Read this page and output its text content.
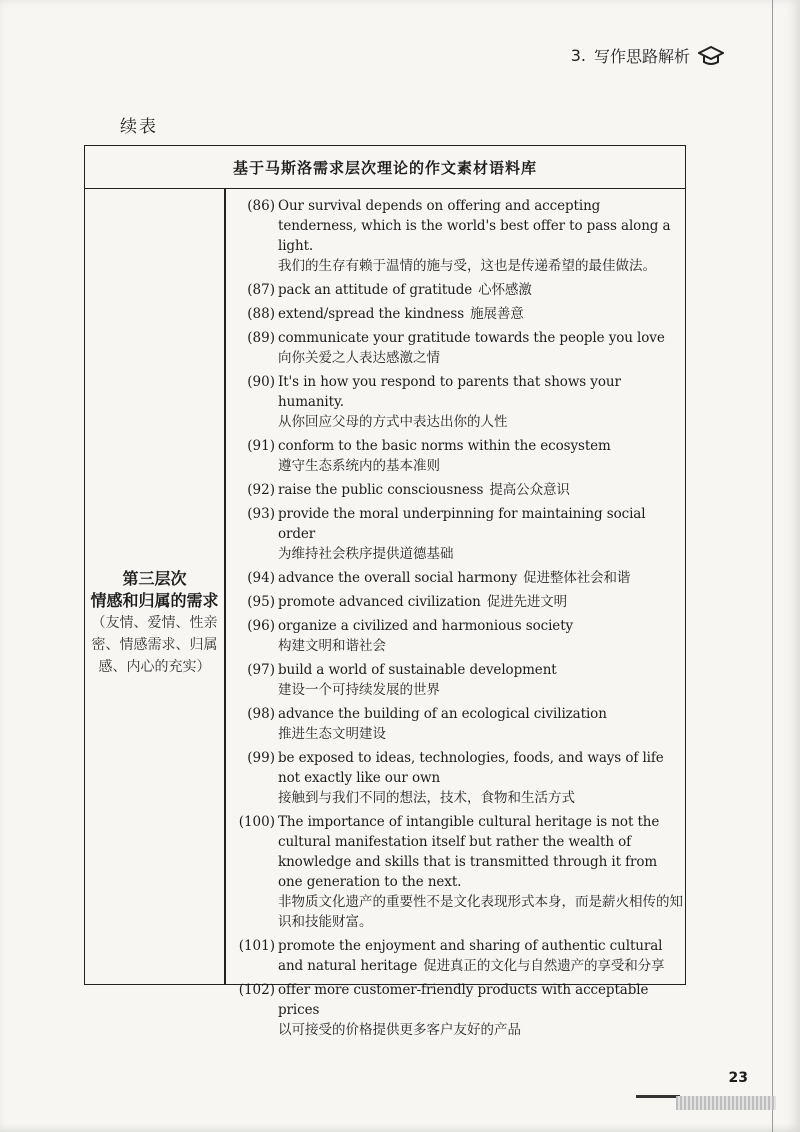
3. 写作思路解析
续表
基于马斯洛需求层次理论的作文素材语料库
第三层次
情感和归属的需求
（友情、爱情、性亲密、情感需求、归属感、内心的充实）
(86) Our survival depends on offering and accepting tenderness, which is the world's best offer to pass along a light.
我们的生存有赖于温情的施与受，这也是传递希望的最佳做法。
(87) pack an attitude of gratitude 心怀感激
(88) extend/spread the kindness 施展善意
(89) communicate your gratitude towards the people you love
向你关爱之人表达感激之情
(90) It's in how you respond to parents that shows your humanity.
从你回应父母的方式中表达出你的人性
(91) conform to the basic norms within the ecosystem
遵守生态系统内的基本准则
(92) raise the public consciousness 提高公众意识
(93) provide the moral underpinning for maintaining social order
为维持社会秩序提供道德基础
(94) advance the overall social harmony 促进整体社会和谐
(95) promote advanced civilization 促进先进文明
(96) organize a civilized and harmonious society
构建文明和谐社会
(97) build a world of sustainable development
建设一个可持续发展的世界
(98) advance the building of an ecological civilization
推进生态文明建设
(99) be exposed to ideas, technologies, foods, and ways of life not exactly like our own
接触到与我们不同的想法，技术，食物和生活方式
(100) The importance of intangible cultural heritage is not the cultural manifestation itself but rather the wealth of knowledge and skills that is transmitted through it from one generation to the next.
非物质文化遗产的重要性不是文化表现形式本身，而是薪火相传的知识和技能财富。
(101) promote the enjoyment and sharing of authentic cultural and natural heritage 促进真正的文化与自然遗产的享受和分享
(102) offer more customer-friendly products with acceptable prices
以可接受的价格提供更多客户友好的产品
23
